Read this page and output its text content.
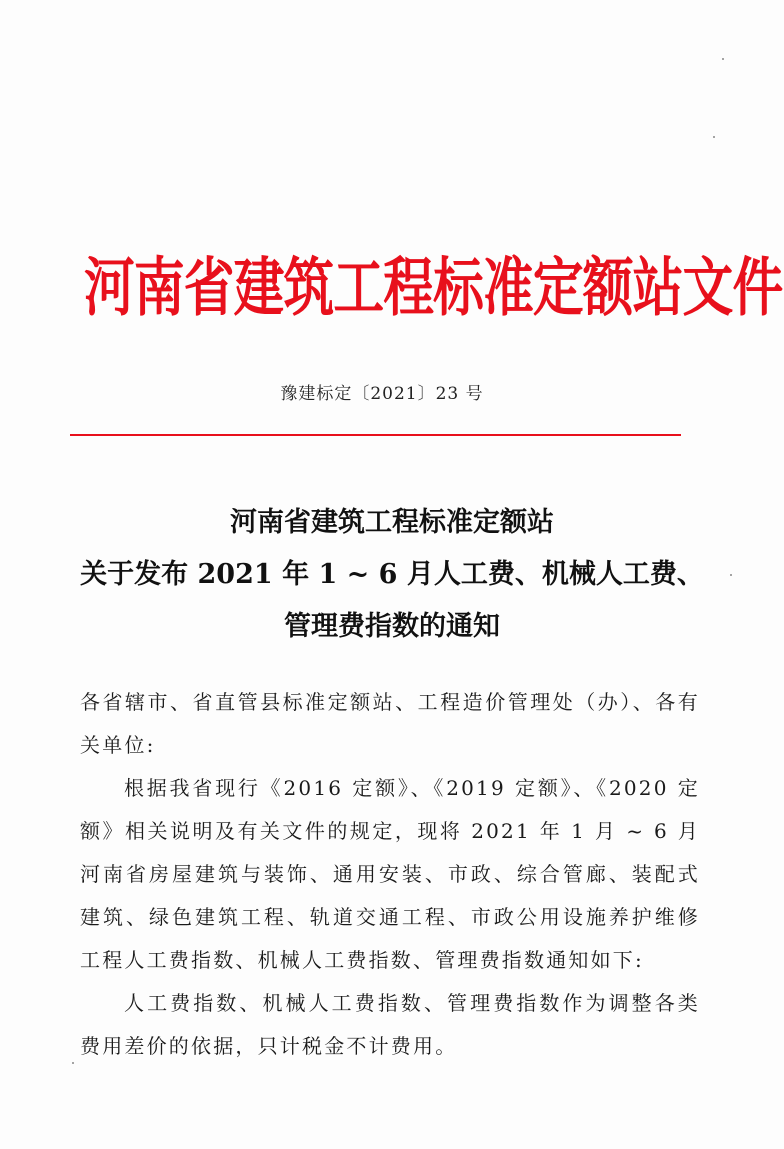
河南省建筑工程标准定额站文件
豫建标定〔2021〕23 号
河南省建筑工程标准定额站
关于发布 2021 年 1 ~ 6 月人工费、机械人工费、
管理费指数的通知

各省辖市、省直管县标准定额站、工程造价管理处（办）、各有关单位:

根据我省现行《2016 定额》、《2019 定额》、《2020 定额》相关说明及有关文件的规定，现将 2021 年 1 月 ~ 6 月河南省房屋建筑与装饰、通用安装、市政、综合管廊、装配式建筑、绿色建筑工程、轨道交通工程、市政公用设施养护维修工程人工费指数、机械人工费指数、管理费指数通知如下:

人工费指数、机械人工费指数、管理费指数作为调整各类费用差价的依据，只计税金不计费用。
